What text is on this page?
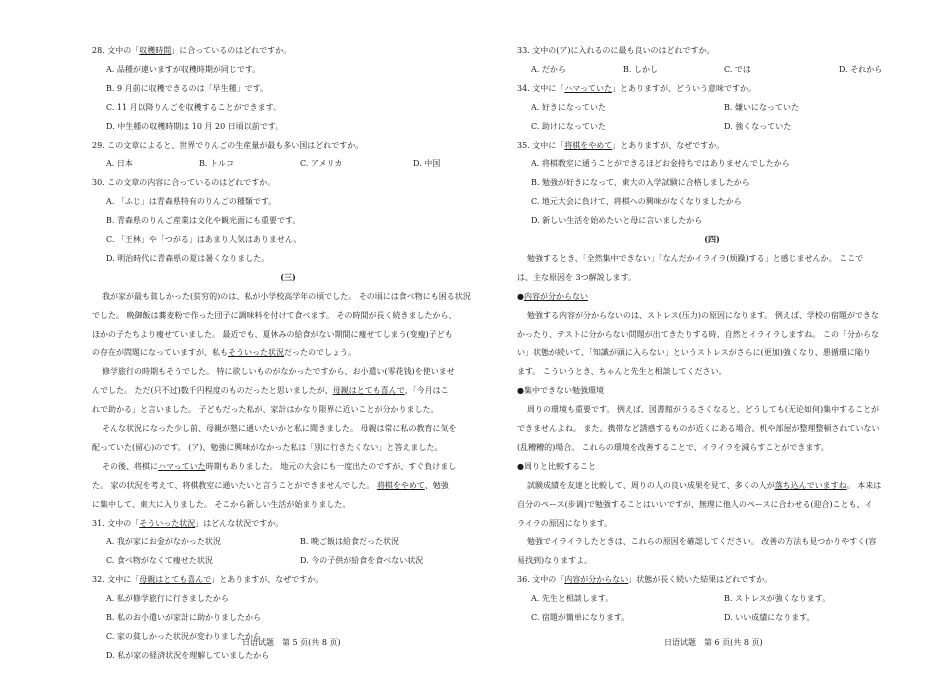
28. 文中の「収穫時間」に合っているのはどれですか。
A. 品種が違いますが収穫時期が同じです。
B. 9 月前に収穫できるのは「早生種」です。
C. 11 月以降りんごを収穫することができます。
D. 中生種の収穫時期は 10 月 20 日頃以前です。
29. この文章によると、世界でりんごの生産量が最も多い国はどれですか。
A. 日本	B. トルコ	C. アメリカ	D. 中国
30. この文章の内容に合っているのはどれですか。
A. 「ふじ」は青森県特有のりんごの種類です。
B. 青森県のりんご産業は文化や観光面にも重要です。
C. 「王林」や「つがる」はあまり人気はありません。
D. 明治時代に青森県の夏は暑くなりました。
(三)
我が家が最も貧しかった(贫穷的)のは、私が小学校高学年の頃でした。 その頃には食べ物にも困る状況
でした。 晩御飯は蕎麦粉で作った団子に調味料を付けて食べます。 その時間が長く続きましたから、
ほかの子たちより痩せていました。 最近でも、夏休みの給食がない期間に痩せてしまう(变瘦)子ども
の存在が問題になっていますが、私もそういった状況だったのでしょう。
修学旅行の時期もそうでした。 特に欲しいものがなかったですから、お小遣い(零花钱)を使いませ
んでした。 ただ(只不过)数千円程度のものだったと思いましたが、母親はとても喜んで、「今月はこ
れで助かる」と言いました。 子どもだった私が、家計はかなり限界に近いことが分かりました。
そんな状況になった少し前、母親が塾に通いたいかと私に聞きました。 母親は常に私の教育に気を
配っていた(留心)のです。 (ア)、勉強に興味がなかった私は「別に行きたくない」と答えました。
その後、将棋にハマっていた時期もありました。 地元の大会にも一度出たのですが、すぐ負けまし
た。 家の状況を考えて、将棋教室に通いたいと言うことができませんでした。 将棋をやめて、勉強
に集中して、東大に入りました。 そこから新しい生活が始まりました。
31. 文中の「そういった状況」はどんな状況ですか。
A. 我が家にお金がなかった状況	B. 晩ご飯は給食だった状況
C. 食べ物がなくて痩せた状況	D. 今の子供が給食を食べない状況
32. 文中に「母親はとても喜んで」とありますが、なぜですか。
A. 私が修学旅行に行きましたから
B. 私のお小遣いが家計に助かりましたから
C. 家の貧しかった状況が変わりましたから
D. 私が家の経済状況を理解していましたから
33. 文中の(ア)に入れるのに最も良いのはどれですか。
A. だから	B. しかし	C. では	D. それから
34. 文中に「ハマっていた」とありますが、どういう意味ですか。
A. 好きになっていた	B. 嫌いになっていた
C. 助けになっていた	D. 強くなっていた
35. 文中に「将棋をやめて」とありますが、なぜですか。
A. 将棋教室に通うことができるほどお金持ちではありませんでしたから
B. 勉強が好きになって、東大の入学試験に合格しましたから
C. 地元大会に負けて、将棋への興味がなくなりましたから
D. 新しい生活を始めたいと母に言いましたから
(四)
勉強するとき、「全然集中できない」「なんだかイライラ(烦躁)する」と感じませんか。 ここで
は、主な原因を 3つ解説します。
●内容が分からない
勉強する内容が分からないのは、ストレス(压力)の原因になります。 例えば、学校の宿題ができな
かったり、テストに分からない問題が出てきたりする時、自然とイライラしますね。 この「分からな
い」状態が続いて、「知識が頭に入らない」というストレスがさらに(更加)強くなり、悪循環に陥り
ます。 こういうとき、ちゃんと先生と相談してください。
●集中できない勉強環境
周りの環境も重要です。 例えば、図書館がうるさくなると、どうしても(无论如何)集中することが
できませんよね。 また、携帯など誘惑するものが近くにある場合、机や部屋が整理整頓されていない
(乱糟糟的)場合。 これらの環境を改善することで、イライラを減らすことができます。
●周りと比較すること
試験成績を友達と比較して、周りの人の良い成果を見て、多くの人が落ち込んでいますね。 本来は
自分のペース(步调)で勉強することはいいですが、無理に他人のペースに合わせる(迎合)ことも、イ
ライラの原因になります。
勉強でイライラしたときは、これらの原因を確認してください。 改善の方法も見つかりやすく(容
易找到)なりますよ。
36. 文中の「内容が分からない」状態が長く続いた結果はどれですか。
A. 先生と相談します。	B. ストレスが強くなります。
C. 宿題が簡単になります。	D. いい成績になります。
日语试题　第 5 页(共 8 页)	日语试题　第 6 页(共 8 页)
